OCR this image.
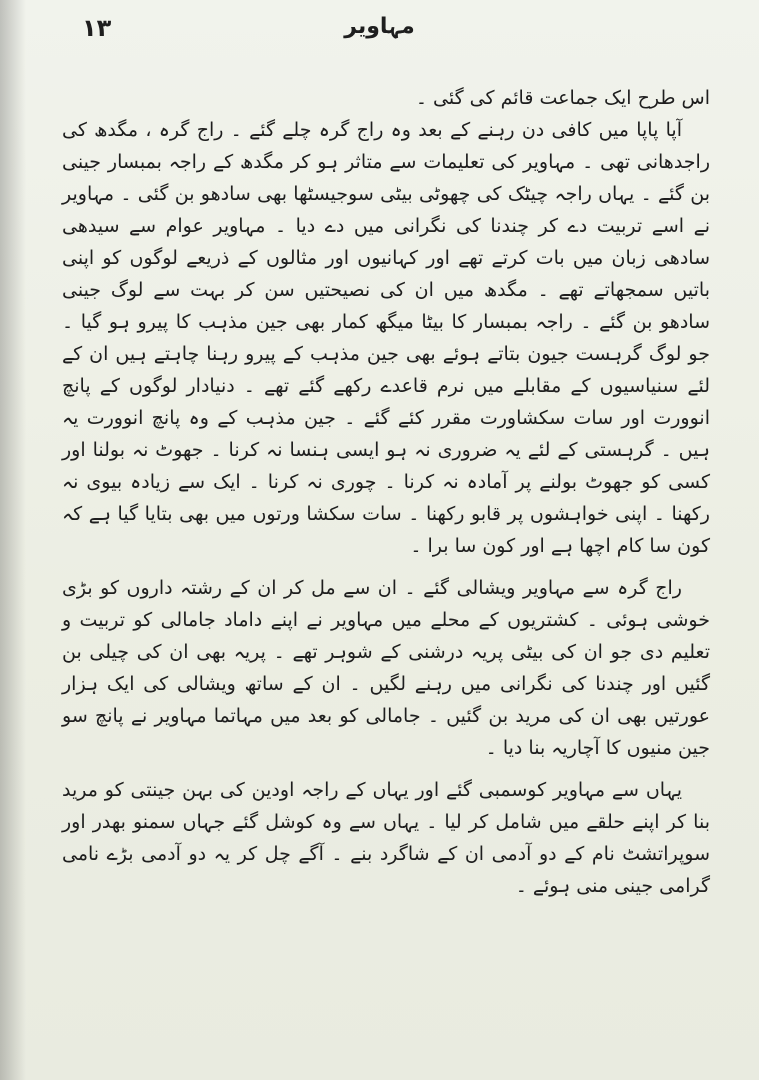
١٣	مہاویر

اس طرح ایک جماعت قائم کی گئی ۔

آپا پاپا میں کافی دن رہنے کے بعد وہ راج گرہ چلے گئے ۔ راج گرہ ، مگدھ کی راجدھانی تھی ۔ مہاویر کی تعلیمات سے متاثر ہو کر مگدھ کے راجہ بمبسار جینی بن گئے ۔ یہاں راجہ چیٹک کی چھوٹی بیٹی سوجیسٹھا بھی سادھو بن گئی ۔ مہاویر نے اسے تربیت دے کر چندنا کی نگرانی میں دے دیا ۔ مہاویر عوام سے سیدھی سادھی زبان میں بات کرتے تھے اور کہانیوں اور مثالوں کے ذریعے لوگوں کو اپنی باتیں سمجھاتے تھے ۔ مگدھ میں ان کی نصیحتیں سن کر بہت سے لوگ جینی سادھو بن گئے ۔ راجہ بمبسار کا بیٹا میگھ کمار بھی جین مذہب کا پیرو ہو گیا ۔ جو لوگ گرہست جیون بتاتے ہوئے بھی جین مذہب کے پیرو رہنا چاہتے ہیں ان کے لئے سنیاسیوں کے مقابلے میں نرم قاعدے رکھے گئے تھے ۔ دنیادار لوگوں کے پانچ انوورت اور سات سکشاورت مقرر کئے گئے ۔ جین مذہب کے وہ پانچ انوورت یہ ہیں ۔ گرہستی کے لئے یہ ضروری نہ ہو ایسی ہنسا نہ کرنا ۔ جھوٹ نہ بولنا اور کسی کو جھوٹ بولنے پر آمادہ نہ کرنا ۔ چوری نہ کرنا ۔ ایک سے زیادہ بیوی نہ رکھنا ۔ اپنی خواہشوں پر قابو رکھنا ۔ سات سکشا ورتوں میں بھی بتایا گیا ہے کہ کون سا کام اچھا ہے اور کون سا برا ۔

راج گرہ سے مہاویر ویشالی گئے ۔ ان سے مل کر ان کے رشتہ داروں کو بڑی خوشی ہوئی ۔ کشتریوں کے محلے میں مہاویر نے اپنے داماد جامالی کو تربیت و تعلیم دی جو ان کی بیٹی پریہ درشنی کے شوہر تھے ۔ پریہ بھی ان کی چیلی بن گئیں اور چندنا کی نگرانی میں رہنے لگیں ۔ ان کے ساتھ ویشالی کی ایک ہزار عورتیں بھی ان کی مرید بن گئیں ۔ جامالی کو بعد میں مہاتما مہاویر نے پانچ سو جین منیوں کا آچاریہ بنا دیا ۔

یہاں سے مہاویر کوسمبی گئے اور یہاں کے راجہ اودین کی بہن جینتی کو مرید بنا کر اپنے حلقے میں شامل کر لیا ۔ یہاں سے وہ کوشل گئے جہاں سمنو بھدر اور سوپراتشٹ نام کے دو آدمی ان کے شاگرد بنے ۔ آگے چل کر یہ دو آدمی بڑے نامی گرامی جینی منی ہوئے ۔
